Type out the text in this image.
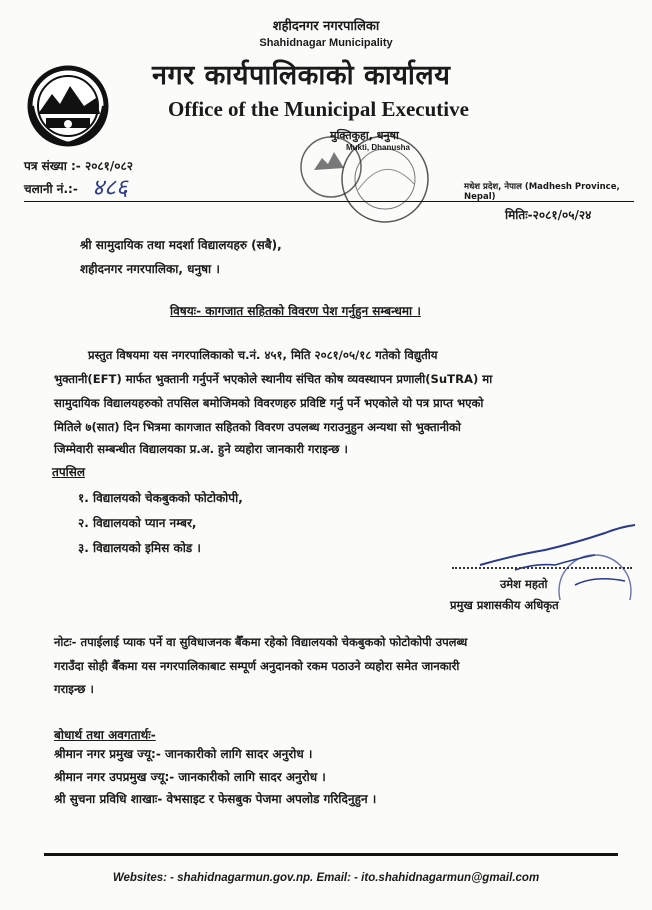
शहीदनगर नगरपालिका
Shahidnagar Municipality
नगर कार्यपालिकाको कार्यालय
Office of the Municipal Executive
मुक्तिकुहा, धनुषा
Mukti, Dhanusha
पत्र संख्या :- २०८१/०८२
चलानी नं.:- ४८६	मधेश प्रदेश, नेपाल (Madhesh Province, Nepal)
मितिः-२०८१/०५/२४
श्री सामुदायिक तथा मदर्शा विद्यालयहरु (सबै),
शहीदनगर नगरपालिका, धनुषा ।
विषयः- कागजात सहितको विवरण पेश गर्नुहुन सम्बन्धमा ।
प्रस्तुत विषयमा यस नगरपालिकाको च.नं. ४५१, मिति २०८१/०५/१८ गतेको विद्युतीय
भुक्तानी(EFT) मार्फत भुक्तानी गर्नुपर्ने भएकोले स्थानीय संचित कोष व्यवस्थापन प्रणाली(SuTRA) मा
सामुदायिक विद्यालयहरुको तपसिल बमोजिमको विवरणहरु प्रविष्टि गर्नु पर्ने भएकोले यो पत्र प्राप्त भएको
मितिले ७(सात) दिन भित्रमा कागजात सहितको विवरण उपलब्ध गराउनुहुन अन्यथा सो भुक्तानीको
जिम्मेवारी सम्बन्धीत विद्यालयका प्र.अ. हुने व्यहोरा जानकारी गराइन्छ ।
तपसिल
१. विद्यालयको चेकबुकको फोटोकोपी,
२. विद्यालयको प्यान नम्बर,
३. विद्यालयको इमिस कोड ।
उमेश महतो
प्रमुख प्रशासकीय अधिकृत
नोटः- तपाईलाई प्याक पर्ने वा सुविधाजनक बैँकमा रहेको विद्यालयको चेकबुकको फोटोकोपी उपलब्ध
गराउँदा सोही बैँकमा यस नगरपालिकाबाट सम्पूर्ण अनुदानको रकम पठाउने व्यहोरा समेत जानकारी
गराइन्छ ।
बोधार्थ तथा अवगतार्थः-
श्रीमान नगर प्रमुख ज्यू:- जानकारीको लागि सादर अनुरोध ।
श्रीमान नगर उपप्रमुख ज्यू:- जानकारीको लागि सादर अनुरोध ।
श्री सुचना प्रविधि शाखाः- वेभसाइट र फेसबुक पेजमा अपलोड गरिदिनुहुन ।
Websites: - shahidnagarmun.gov.np. Email: - ito.shahidnagarmun@gmail.com
